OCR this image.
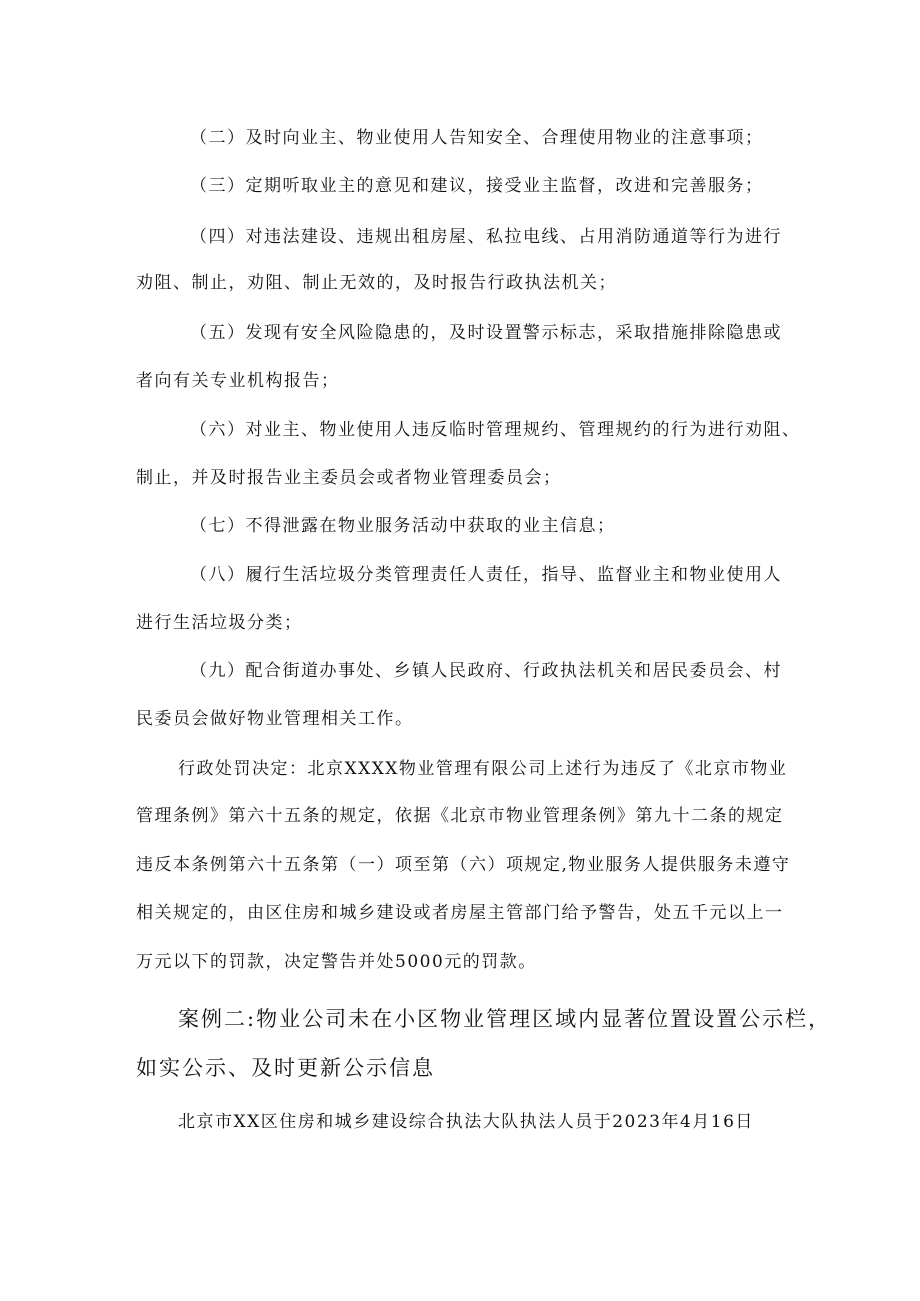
（二）及时向业主、物业使用人告知安全、合理使用物业的注意事项；
（三）定期听取业主的意见和建议，接受业主监督，改进和完善服务；
（四）对违法建设、违规出租房屋、私拉电线、占用消防通道等行为进行
劝阻、制止，劝阻、制止无效的，及时报告行政执法机关；
（五）发现有安全风险隐患的，及时设置警示标志，采取措施排除隐患或
者向有关专业机构报告；
（六）对业主、物业使用人违反临时管理规约、管理规约的行为进行劝阻、
制止，并及时报告业主委员会或者物业管理委员会；
（七）不得泄露在物业服务活动中获取的业主信息；
（八）履行生活垃圾分类管理责任人责任，指导、监督业主和物业使用人
进行生活垃圾分类；
（九）配合街道办事处、乡镇人民政府、行政执法机关和居民委员会、村
民委员会做好物业管理相关工作。
行政处罚决定：北京XXXX物业管理有限公司上述行为违反了《北京市物业
管理条例》第六十五条的规定，依据《北京市物业管理条例》第九十二条的规定
违反本条例第六十五条第（一）项至第（六）项规定,物业服务人提供服务未遵守
相关规定的，由区住房和城乡建设或者房屋主管部门给予警告，处五千元以上一
万元以下的罚款，决定警告并处5000元的罚款。
案例二:物业公司未在小区物业管理区域内显著位置设置公示栏，
如实公示、及时更新公示信息
北京市XX区住房和城乡建设综合执法大队执法人员于2023年4月16日
